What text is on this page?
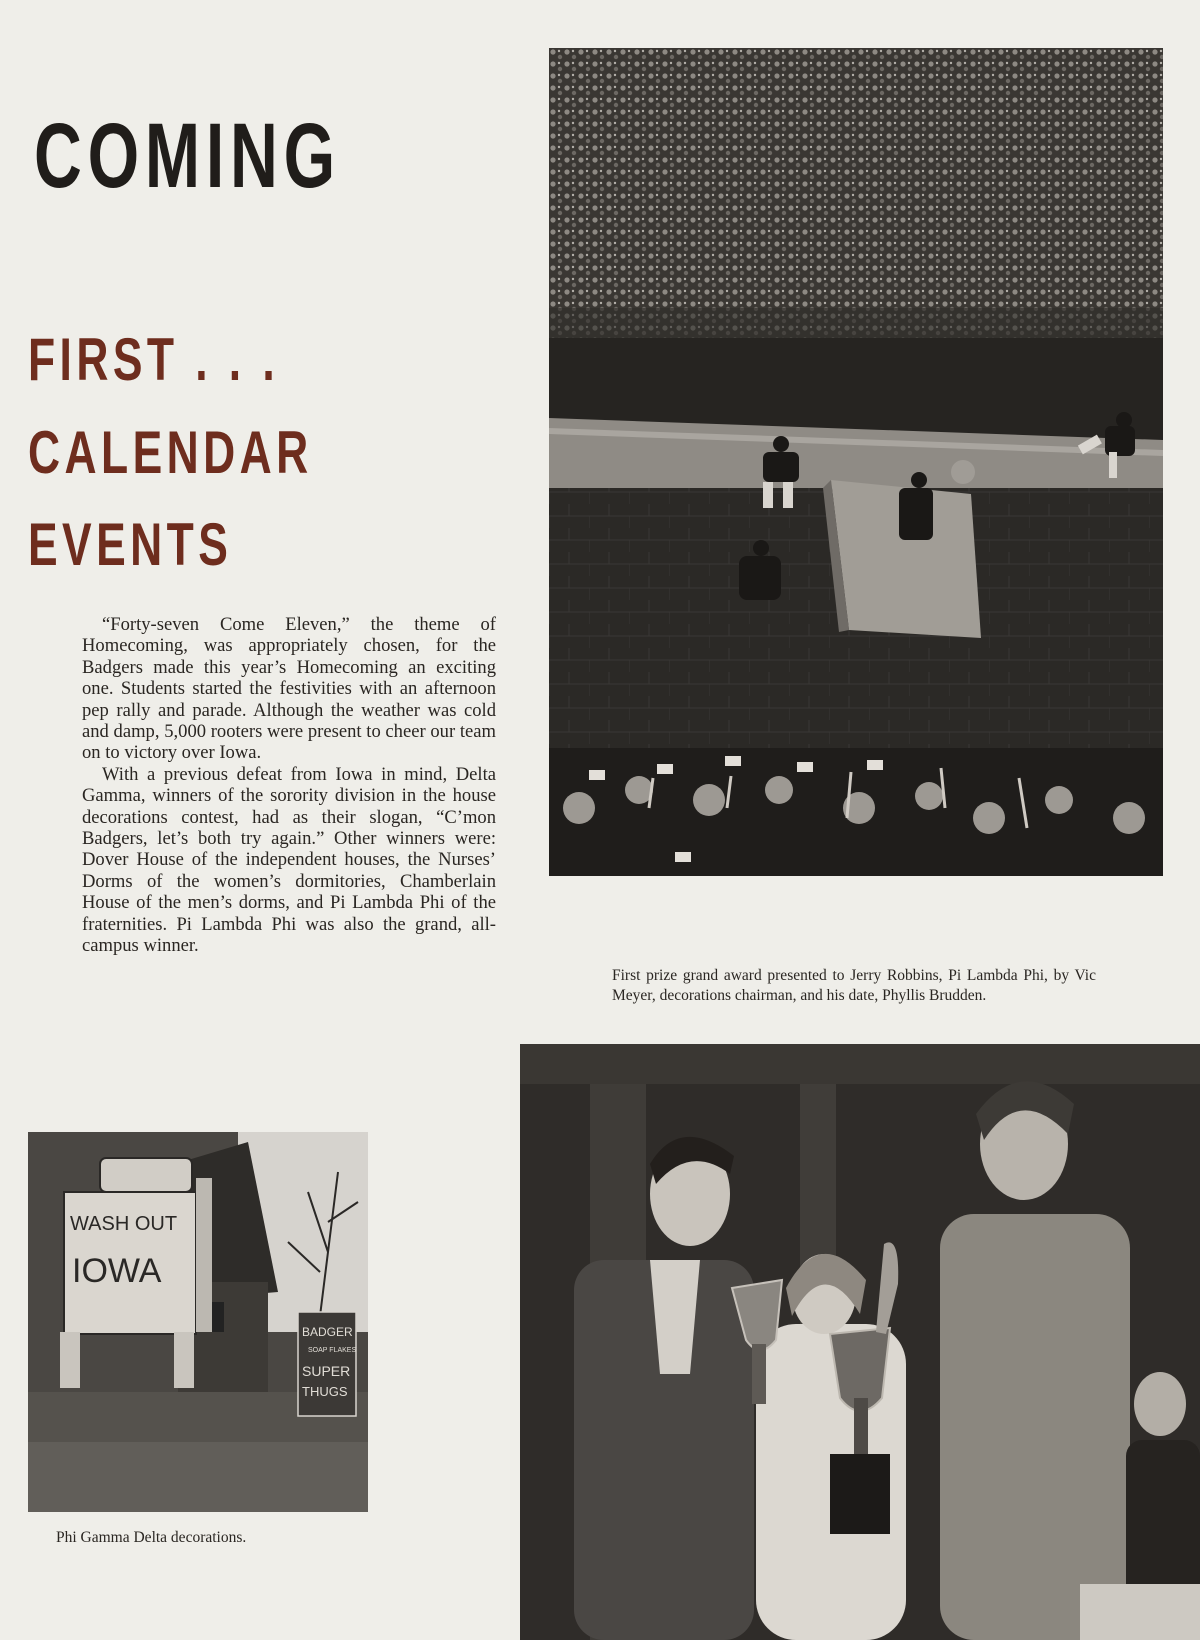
COMING
FIRST . . .
CALENDAR
EVENTS

“Forty-seven Come Eleven,” the theme of Homecoming, was appropriately chosen, for the Badgers made this year’s Homecoming an exciting one. Students started the festivities with an afternoon pep rally and parade. Although the weather was cold and damp, 5,000 rooters were present to cheer our team on to victory over Iowa.

With a previous defeat from Iowa in mind, Delta Gamma, winners of the sorority division in the house decorations contest, had as their slogan, “C’mon Badgers, let’s both try again.” Other winners were: Dover House of the independent houses, the Nurses’ Dorms of the women’s dormitories, Chamberlain House of the men’s dorms, and Pi Lambda Phi of the fraternities. Pi Lambda Phi was also the grand, all-campus winner.

First prize grand award presented to Jerry Robbins, Pi Lambda Phi, by Vic Meyer, decorations chairman, and his date, Phyllis Brudden.

WASH OUT
IOWA
BADGER
SOAP FLAKES
SUPER
THUGS

Phi Gamma Delta decorations.
